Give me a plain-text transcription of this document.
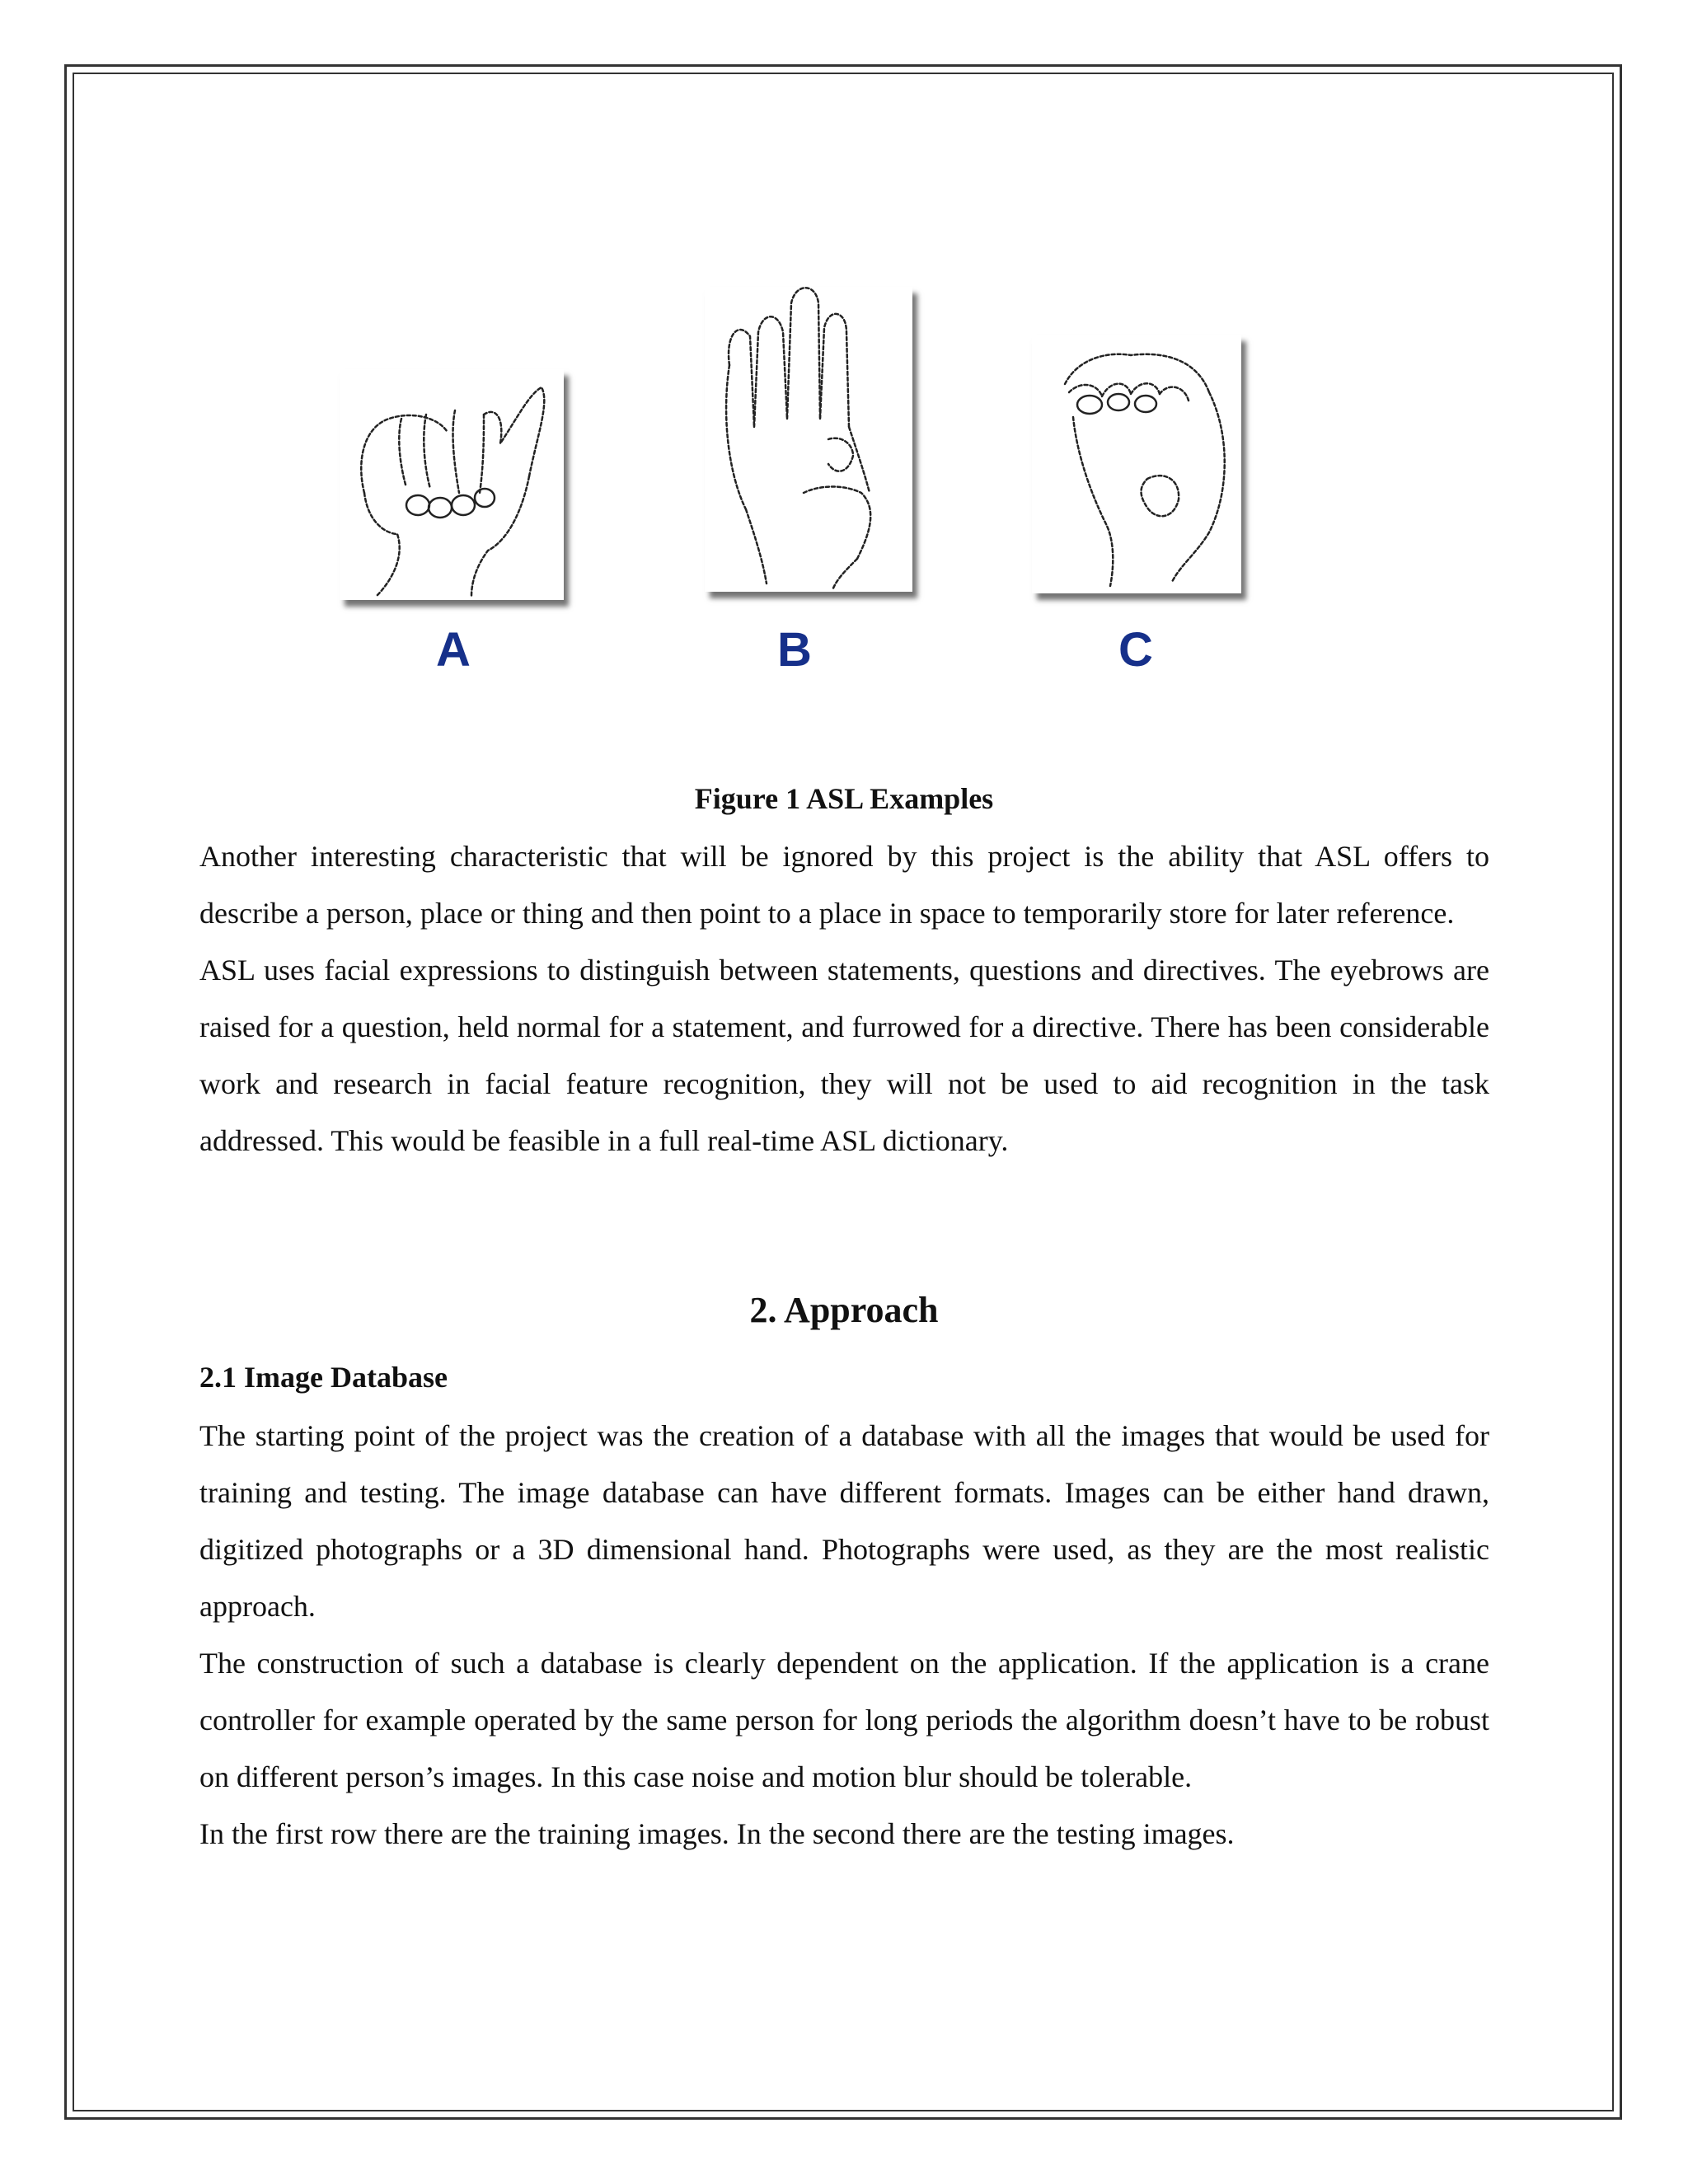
A	B	C
Figure 1 ASL Examples

Another interesting characteristic that will be ignored by this project is the ability that ASL offers to describe a person, place or thing and then point to a place in space to temporarily store for later reference.

ASL uses facial expressions to distinguish between statements, questions and directives. The eyebrows are raised for a question, held normal for a statement, and furrowed for a directive. There has been considerable work and research in facial feature recognition, they will not be used to aid recognition in the task addressed. This would be feasible in a full real-time ASL dictionary.

2. Approach
2.1 Image Database

The starting point of the project was the creation of a database with all the images that would be used for training and testing. The image database can have different formats. Images can be either hand drawn, digitized photographs or a 3D dimensional hand. Photographs were used, as they are the most realistic approach.

The construction of such a database is clearly dependent on the application. If the application is a crane controller for example operated by the same person for long periods the algorithm doesn’t have to be robust on different person’s images. In this case noise and motion blur should be tolerable.

In the first row there are the training images. In the second there are the testing images.
